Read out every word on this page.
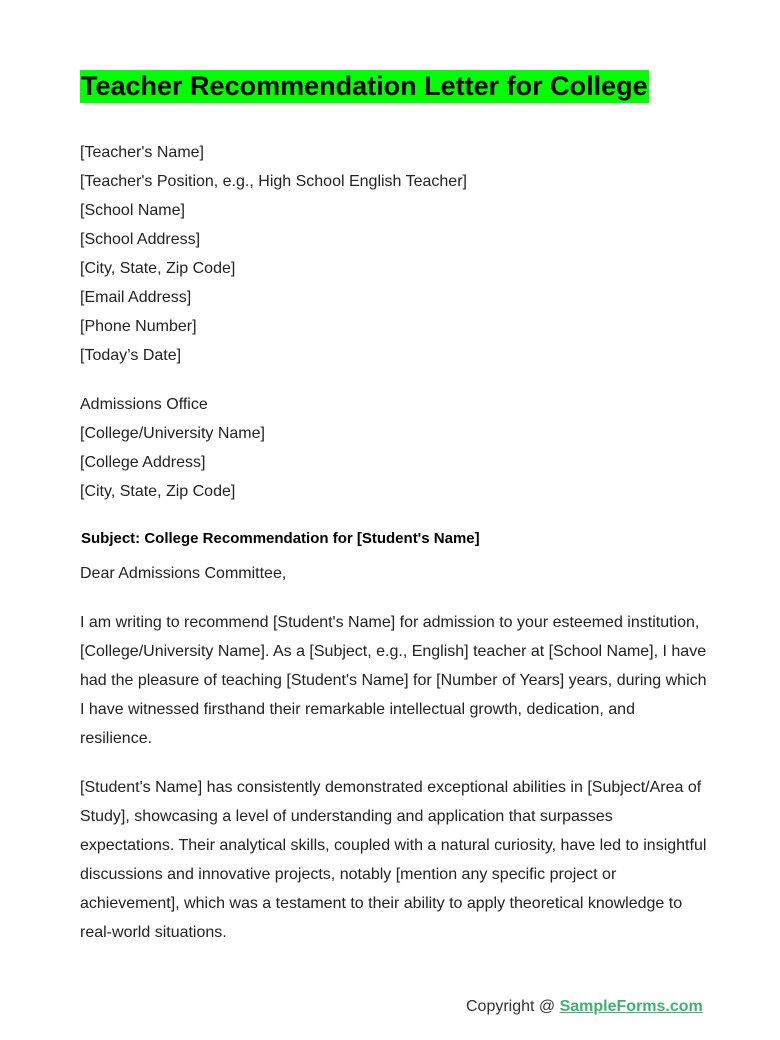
Teacher Recommendation Letter for College
[Teacher's Name]
[Teacher's Position, e.g., High School English Teacher]
[School Name]
[School Address]
[City, State, Zip Code]
[Email Address]
[Phone Number]
[Today’s Date]
Admissions Office
[College/University Name]
[College Address]
[City, State, Zip Code]
Subject: College Recommendation for [Student's Name]
Dear Admissions Committee,

I am writing to recommend [Student's Name] for admission to your esteemed institution, [College/University Name]. As a [Subject, e.g., English] teacher at [School Name], I have had the pleasure of teaching [Student's Name] for [Number of Years] years, during which I have witnessed firsthand their remarkable intellectual growth, dedication, and resilience.

[Student's Name] has consistently demonstrated exceptional abilities in [Subject/Area of Study], showcasing a level of understanding and application that surpasses expectations. Their analytical skills, coupled with a natural curiosity, have led to insightful discussions and innovative projects, notably [mention any specific project or achievement], which was a testament to their ability to apply theoretical knowledge to real-world situations.

Copyright @ SampleForms.com
